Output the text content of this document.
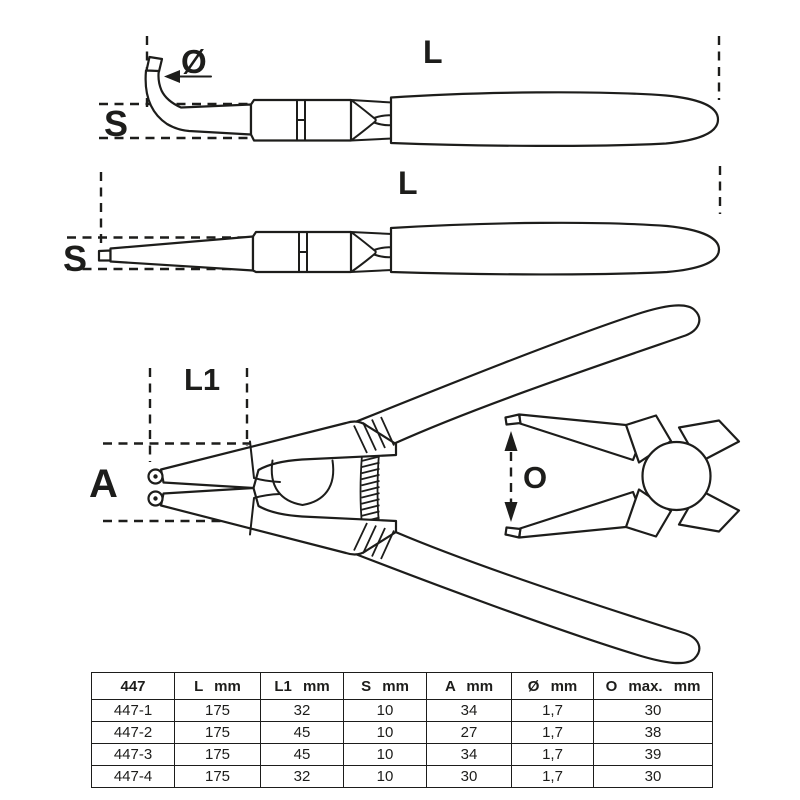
Ø
S
L
S
L
L1
A	O
447	L mm	L1 mm	S mm	A mm	Ø mm	O max. mm
447-1	175	32	10	34	1,7	30
447-2	175	45	10	27	1,7	38
447-3	175	45	10	34	1,7	39
447-4	175	32	10	30	1,7	30
